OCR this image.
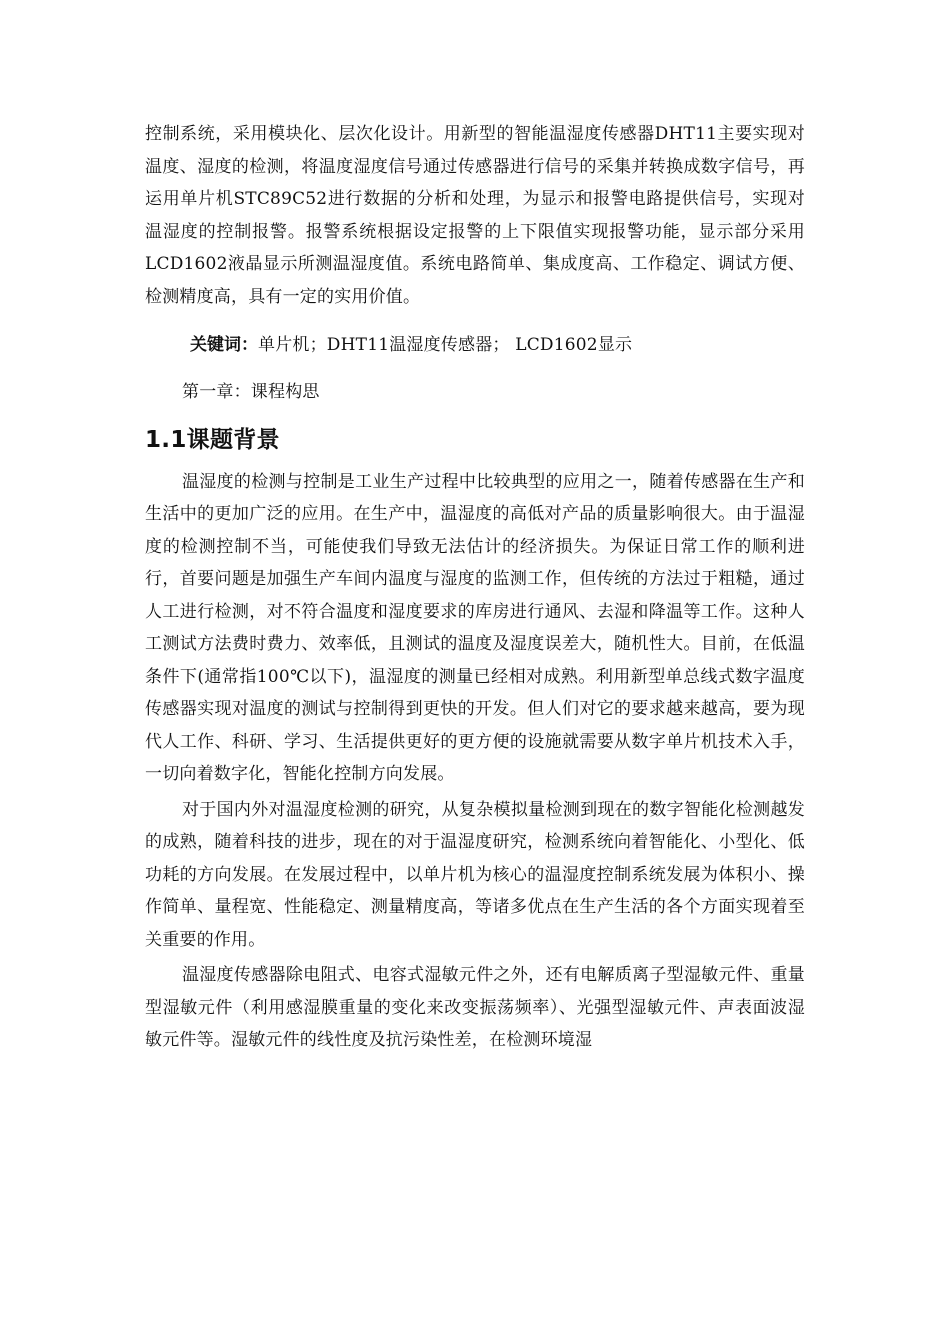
控制系统，采用模块化、层次化设计。用新型的智能温湿度传感器DHT11主要实现对温度、湿度的检测，将温度湿度信号通过传感器进行信号的采集并转换成数字信号，再运用单片机STC89C52进行数据的分析和处理，为显示和报警电路提供信号，实现对温湿度的控制报警。报警系统根据设定报警的上下限值实现报警功能，显示部分采用LCD1602液晶显示所测温湿度值。系统电路简单、集成度高、工作稳定、调试方便、检测精度高，具有一定的实用价值。

关键词：单片机；DHT11温湿度传感器； LCD1602显示

第一章：课程构思

1.1课题背景

温湿度的检测与控制是工业生产过程中比较典型的应用之一，随着传感器在生产和生活中的更加广泛的应用。在生产中，温湿度的高低对产品的质量影响很大。由于温湿度的检测控制不当，可能使我们导致无法估计的经济损失。为保证日常工作的顺利进行，首要问题是加强生产车间内温度与湿度的监测工作，但传统的方法过于粗糙，通过人工进行检测，对不符合温度和湿度要求的库房进行通风、去湿和降温等工作。这种人工测试方法费时费力、效率低，且测试的温度及湿度误差大，随机性大。目前，在低温条件下(通常指100℃以下)，温湿度的测量已经相对成熟。利用新型单总线式数字温度传感器实现对温度的测试与控制得到更快的开发。但人们对它的要求越来越高，要为现代人工作、科研、学习、生活提供更好的更方便的设施就需要从数字单片机技术入手，一切向着数字化，智能化控制方向发展。

对于国内外对温湿度检测的研究，从复杂模拟量检测到现在的数字智能化检测越发的成熟，随着科技的进步，现在的对于温湿度研究，检测系统向着智能化、小型化、低功耗的方向发展。在发展过程中，以单片机为核心的温湿度控制系统发展为体积小、操作简单、量程宽、性能稳定、测量精度高，等诸多优点在生产生活的各个方面实现着至关重要的作用。

温湿度传感器除电阻式、电容式湿敏元件之外，还有电解质离子型湿敏元件、重量型湿敏元件（利用感湿膜重量的变化来改变振荡频率）、光强型湿敏元件、声表面波湿敏元件等。湿敏元件的线性度及抗污染性差，在检测环境湿
